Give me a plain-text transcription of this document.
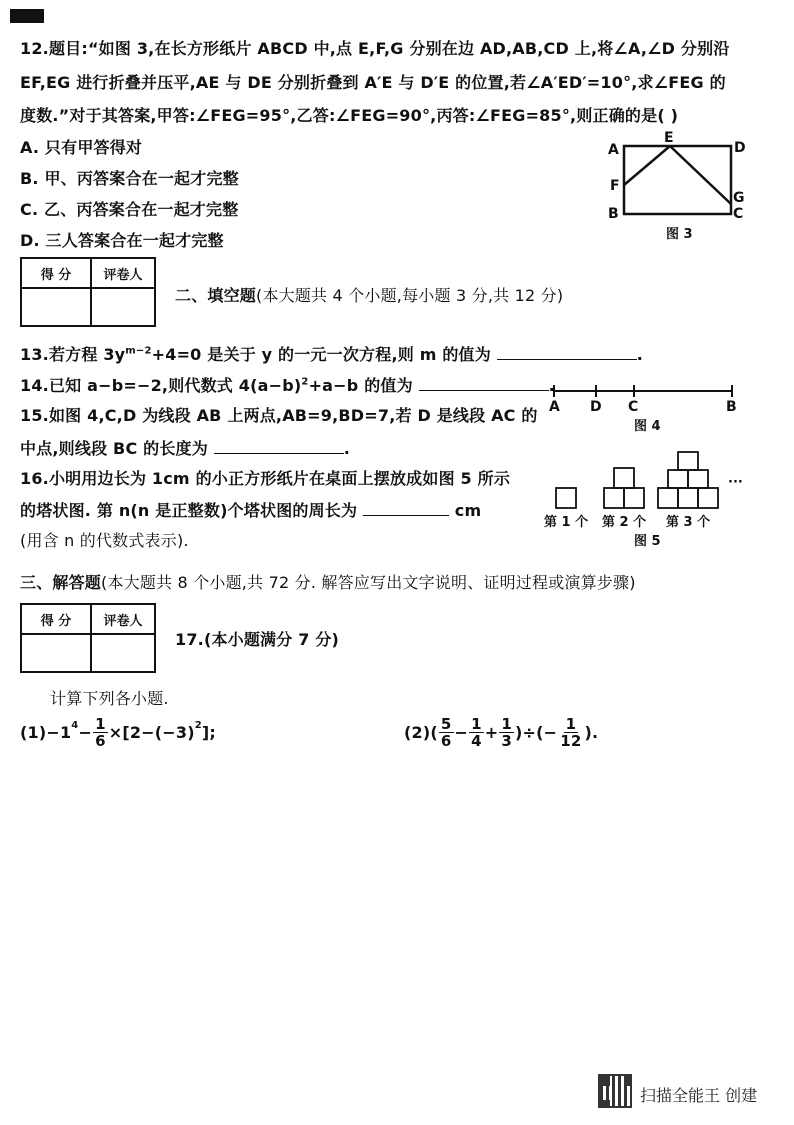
12.题目:“如图 3,在长方形纸片 ABCD 中,点 E,F,G 分别在边 AD,AB,CD 上,将∠A,∠D 分别沿
EF,EG 进行折叠并压平,AE 与 DE 分别折叠到 A′E 与 D′E 的位置,若∠A′ED′=10°,求∠FEG 的
度数.”对于其答案,甲答:∠FEG=95°,乙答:∠FEG=90°,丙答:∠FEG=85°,则正确的是( )
A. 只有甲答得对
B. 甲、丙答案合在一起才完整
C. 乙、丙答案合在一起才完整
D. 三人答案合在一起才完整
A
E
D
F
G
B	C
图 3
得 分	评卷人

二、填空题(本大题共 4 个小题,每小题 3 分,共 12 分)
13.若方程 $3y^{m-2}+4=0$ 是关于 y 的一元一次方程,则 m 的值为	.
14.已知 a−b=−2,则代数式 $4(a-b)^2+a-b$ 的值为	.
A D C	B
图 4
15.如图 4,C,D 为线段 AB 上两点,AB=9,BD=7,若 D 是线段 AC 的
中点,则线段 BC 的长度为	.
16.小明用边长为 1cm 的小正方形纸片在桌面上摆放成如图 5 所示
的塔状图. 第 n(n 是正整数)个塔状图的周长为	cm
(用含 n 的代数式表示).
···
第 1 个 第 2 个 第 3 个
图 5
三、解答题(本大题共 8 个小题,共 72 分. 解答应写出文字说明、证明过程或演算步骤)
得 分	评卷人

17.(本小题满分 7 分)
计算下列各小题.
$(1)-1^4 - \frac{1}{6} \times[2-(-3)^2$ ];	$(2)( \frac{5}{6} - \frac{1}{4} + \frac{1}{3}$ )÷(− $\frac{1}{12}$ ).
扫描全能王 创建
